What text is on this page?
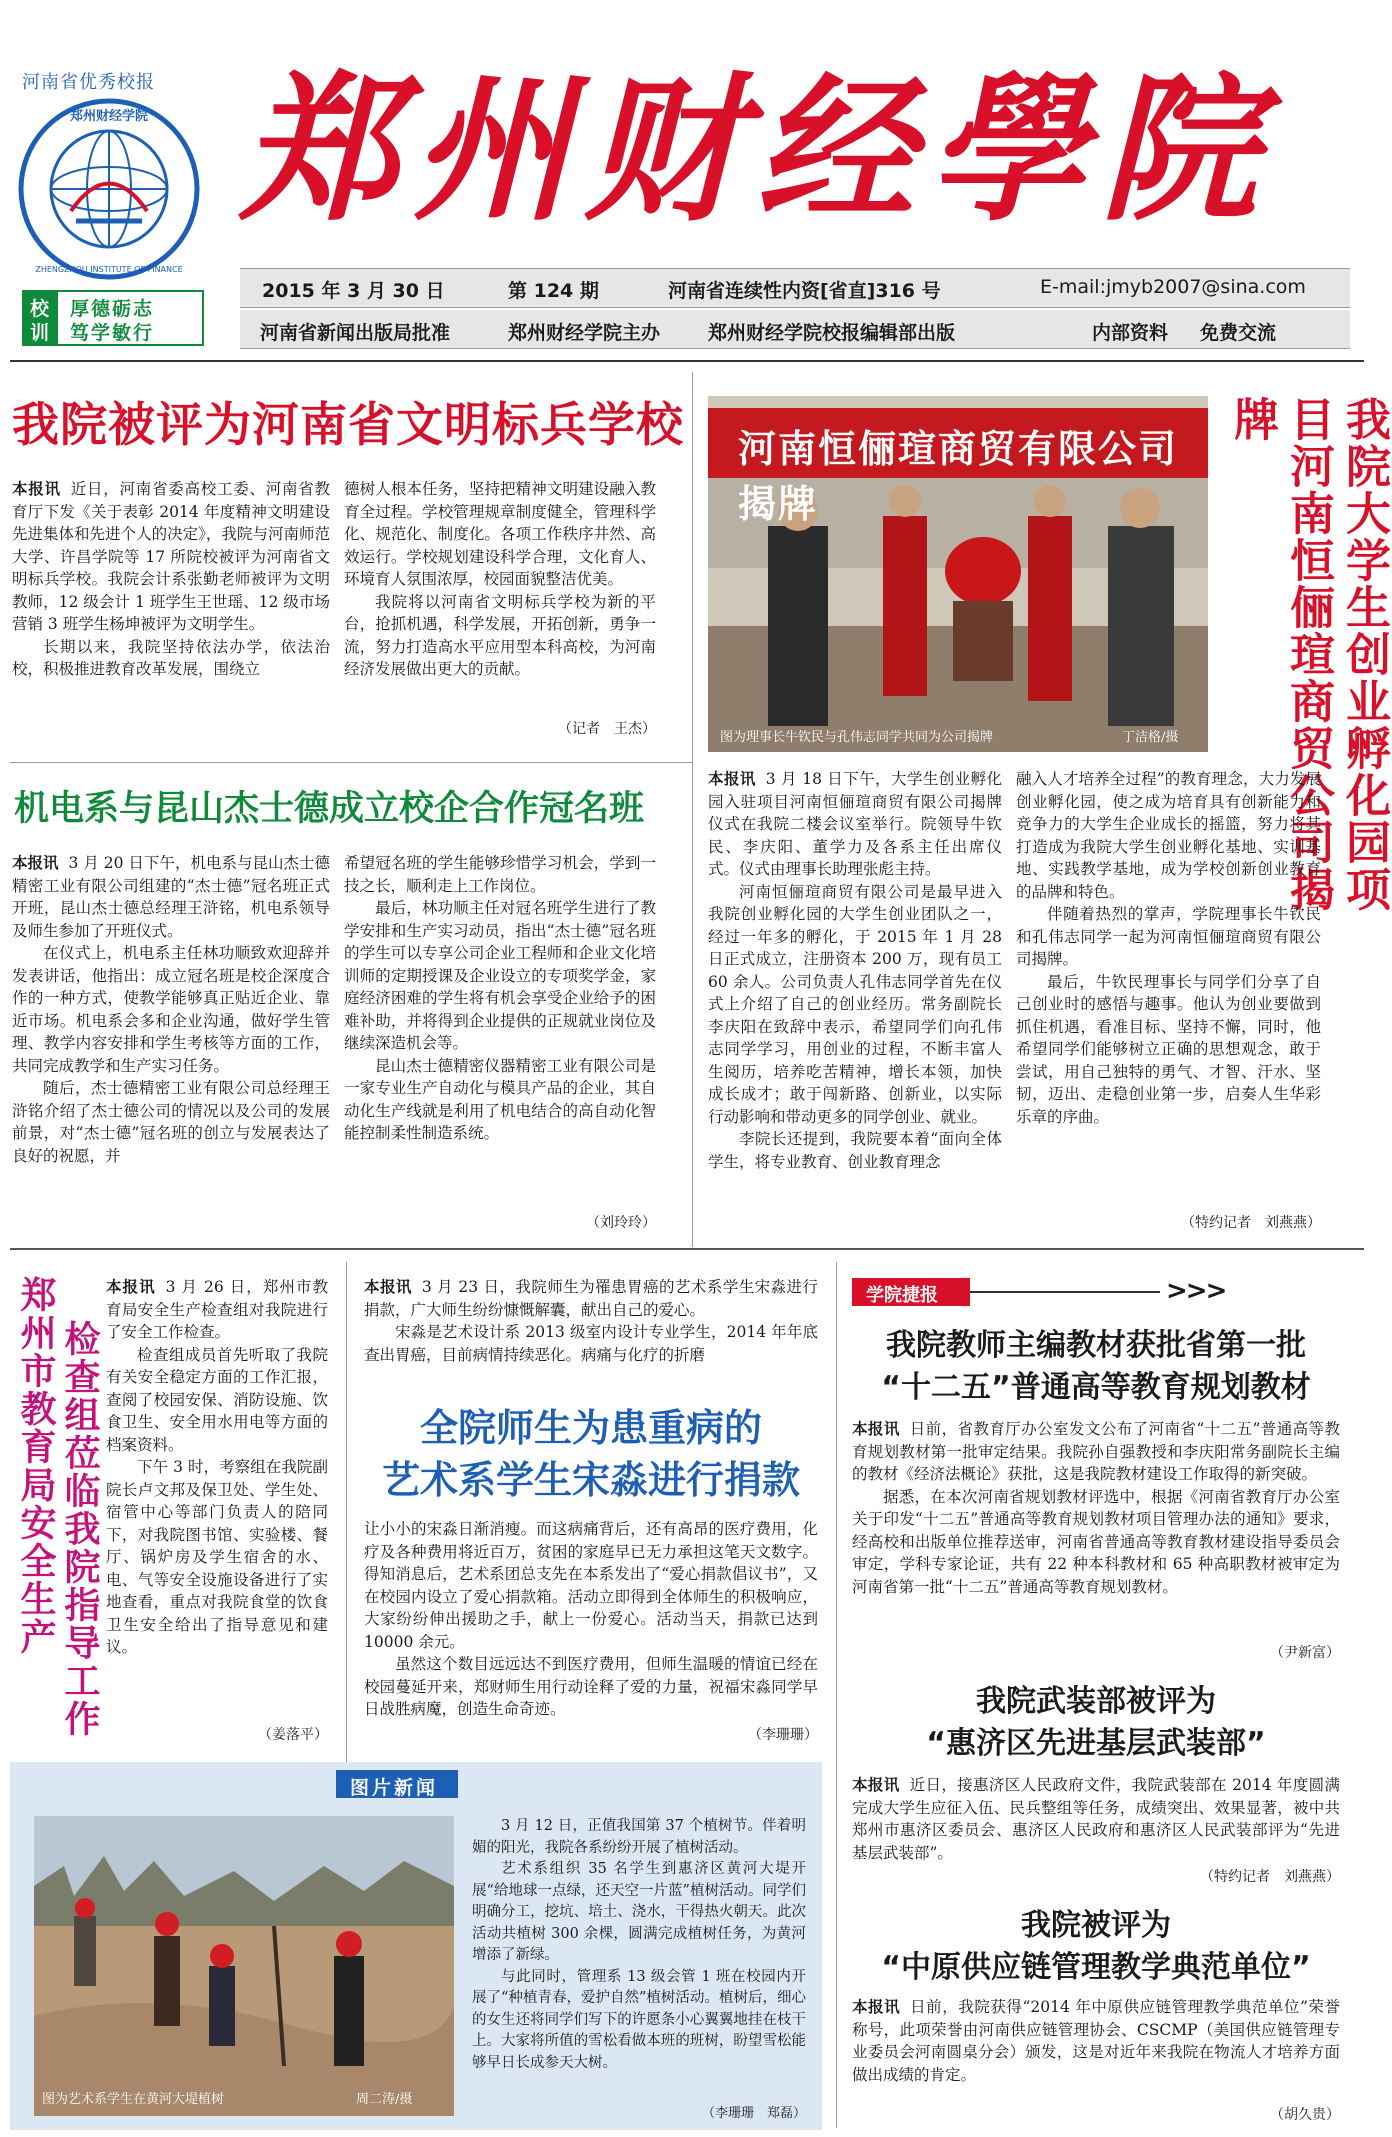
河南省优秀校报
郑州财经学院
ZHENGZHOU INSTITUTE OF FINANCE
校
训
厚德砺志
笃学敏行
郑州财经學院
2015 年 3 月 30 日	第 124 期	河南省连续性内资[省直]316 号	E-mail:jmyb2007@sina.com
河南省新闻出版局批准	郑州财经学院主办	郑州财经学院校报编辑部出版	内部资料 免费交流
我院被评为河南省文明标兵学校

本报讯 近日，河南省委高校工委、河南省教育厅下发《关于表彰 2014 年度精神文明建设先进集体和先进个人的决定》，我院与河南师范大学、许昌学院等 17 所院校被评为河南省文明标兵学校。我院会计系张勤老师被评为文明教师，12 级会计 1 班学生王世瑶、12 级市场营销 3 班学生杨坤被评为文明学生。

长期以来，我院坚持依法办学，依法治校，积极推进教育改革发展，围绕立

德树人根本任务，坚持把精神文明建设融入教育全过程。学校管理规章制度健全，管理科学化、规范化、制度化。各项工作秩序井然、高效运行。学校规划建设科学合理，文化育人、环境育人氛围浓厚，校园面貌整洁优美。

我院将以河南省文明标兵学校为新的平台，抢抓机遇，科学发展，开拓创新，勇争一流，努力打造高水平应用型本科高校，为河南经济发展做出更大的贡献。

（记者　王杰）
机电系与昆山杰士德成立校企合作冠名班

本报讯 3 月 20 日下午，机电系与昆山杰士德精密工业有限公司组建的“杰士德”冠名班正式开班，昆山杰士德总经理王浒铭，机电系领导及师生参加了开班仪式。

在仪式上，机电系主任林功顺致欢迎辞并发表讲话，他指出：成立冠名班是校企深度合作的一种方式，使教学能够真正贴近企业、靠近市场。机电系会多和企业沟通，做好学生管理、教学内容安排和学生考核等方面的工作，共同完成教学和生产实习任务。

随后，杰士德精密工业有限公司总经理王浒铭介绍了杰士德公司的情况以及公司的发展前景，对“杰士德”冠名班的创立与发展表达了良好的祝愿，并

希望冠名班的学生能够珍惜学习机会，学到一技之长，顺利走上工作岗位。

最后，林功顺主任对冠名班学生进行了教学安排和生产实习动员，指出“杰士德”冠名班的学生可以专享公司企业工程师和企业文化培训师的定期授课及企业设立的专项奖学金，家庭经济困难的学生将有机会享受企业给予的困难补助，并将得到企业提供的正规就业岗位及继续深造机会等。

昆山杰士德精密仪器精密工业有限公司是一家专业生产自动化与模具产品的企业，其自动化生产线就是利用了机电结合的高自动化智能控制柔性制造系统。

（刘玲玲）
河南恒俪瑄商贸有限公司揭牌
图为理事长牛钦民与孔伟志同学共同为公司揭牌	丁洁格/摄	我院大学生创业孵化园项目河南恒俪瑄商贸公司揭牌

本报讯 3 月 18 日下午，大学生创业孵化园入驻项目河南恒俪瑄商贸有限公司揭牌仪式在我院二楼会议室举行。院领导牛钦民、李庆阳、董学力及各系主任出席仪式。仪式由理事长助理张彪主持。

河南恒俪瑄商贸有限公司是最早进入我院创业孵化园的大学生创业团队之一，经过一年多的孵化，于 2015 年 1 月 28 日正式成立，注册资本 200 万，现有员工 60 余人。公司负责人孔伟志同学首先在仪式上介绍了自己的创业经历。常务副院长李庆阳在致辞中表示，希望同学们向孔伟志同学学习，用创业的过程，不断丰富人生阅历，培养吃苦精神，增长本领，加快成长成才；敢于闯新路、创新业，以实际行动影响和带动更多的同学创业、就业。

李院长还提到，我院要本着“面向全体学生，将专业教育、创业教育理念

融入人才培养全过程”的教育理念，大力发展创业孵化园，使之成为培育具有创新能力和竞争力的大学生企业成长的摇篮，努力将其打造成为我院大学生创业孵化基地、实训基地、实践教学基地，成为学校创新创业教育的品牌和特色。

伴随着热烈的掌声，学院理事长牛钦民和孔伟志同学一起为河南恒俪瑄商贸有限公司揭牌。

最后，牛钦民理事长与同学们分享了自己创业时的感悟与趣事。他认为创业要做到抓住机遇，看准目标、坚持不懈，同时，他希望同学们能够树立正确的思想观念，敢于尝试，用自己独特的勇气、才智、汗水、坚韧，迈出、走稳创业第一步，启奏人生华彩乐章的序曲。

（特约记者　刘燕燕）
郑州市教育局安全生产 检查组莅临我院指导工作

本报讯 3 月 26 日，郑州市教育局安全生产检查组对我院进行了安全工作检查。

检查组成员首先听取了我院有关安全稳定方面的工作汇报，查阅了校园安保、消防设施、饮食卫生、安全用水用电等方面的档案资料。

下午 3 时，考察组在我院副院长卢文邦及保卫处、学生处、宿管中心等部门负责人的陪同下，对我院图书馆、实验楼、餐厅、锅炉房及学生宿舍的水、电、气等安全设施设备进行了实地查看，重点对我院食堂的饮食卫生安全给出了指导意见和建议。

（姜落平）

本报讯 3 月 23 日，我院师生为罹患胃癌的艺术系学生宋淼进行捐款，广大师生纷纷慷慨解囊，献出自己的爱心。

宋淼是艺术设计系 2013 级室内设计专业学生，2014 年年底查出胃癌，目前病情持续恶化。病痛与化疗的折磨

全院师生为患重病的
艺术系学生宋淼进行捐款

让小小的宋淼日渐消瘦。而这病痛背后，还有高昂的医疗费用，化疗及各种费用将近百万，贫困的家庭早已无力承担这笔天文数字。得知消息后，艺术系团总支先在本系发出了“爱心捐款倡议书”，又在校园内设立了爱心捐款箱。活动立即得到全体师生的积极响应，大家纷纷伸出援助之手，献上一份爱心。活动当天，捐款已达到 10000 余元。

虽然这个数目远远达不到医疗费用，但师生温暖的情谊已经在校园蔓延开来，郑财师生用行动诠释了爱的力量，祝福宋淼同学早日战胜病魔，创造生命奇迹。

（李珊珊）
学院捷报	>>>
我院教师主编教材获批省第一批
“十二五”普通高等教育规划教材

本报讯 日前，省教育厅办公室发文公布了河南省“十二五”普通高等教育规划教材第一批审定结果。我院孙自强教授和李庆阳常务副院长主编的教材《经济法概论》获批，这是我院教材建设工作取得的新突破。

据悉，在本次河南省规划教材评选中，根据《河南省教育厅办公室关于印发“十二五”普通高等教育规划教材项目管理办法的通知》要求，经高校和出版单位推荐送审，河南省普通高等教育教材建设指导委员会审定，学科专家论证，共有 22 种本科教材和 65 种高职教材被审定为河南省第一批“十二五”普通高等教育规划教材。

（尹新富）
我院武装部被评为
“惠济区先进基层武装部”

本报讯 近日，接惠济区人民政府文件，我院武装部在 2014 年度圆满完成大学生应征入伍、民兵整组等任务，成绩突出、效果显著，被中共郑州市惠济区委员会、惠济区人民政府和惠济区人民武装部评为“先进基层武装部”。

（特约记者　刘燕燕）
我院被评为
“中原供应链管理教学典范单位”

本报讯 日前，我院获得“2014 年中原供应链管理教学典范单位”荣誉称号，此项荣誉由河南供应链管理协会、CSCMP（美国供应链管理专业委员会河南圆桌分会）颁发，这是对近年来我院在物流人才培养方面做出成绩的肯定。

（胡久贵）
图片新闻
图为艺术系学生在黄河大堤植树	周二涛/摄

3 月 12 日，正值我国第 37 个植树节。伴着明媚的阳光，我院各系纷纷开展了植树活动。

艺术系组织 35 名学生到惠济区黄河大堤开展“给地球一点绿，还天空一片蓝”植树活动。同学们明确分工，挖坑、培土、浇水，干得热火朝天。此次活动共植树 300 余棵，圆满完成植树任务，为黄河增添了新绿。

与此同时，管理系 13 级会管 1 班在校园内开展了“种植青春，爱护自然”植树活动。植树后，细心的女生还将同学们写下的许愿条小心翼翼地挂在枝干上。大家将所值的雪松看做本班的班树，盼望雪松能够早日长成参天大树。

（李珊珊　郑磊）
